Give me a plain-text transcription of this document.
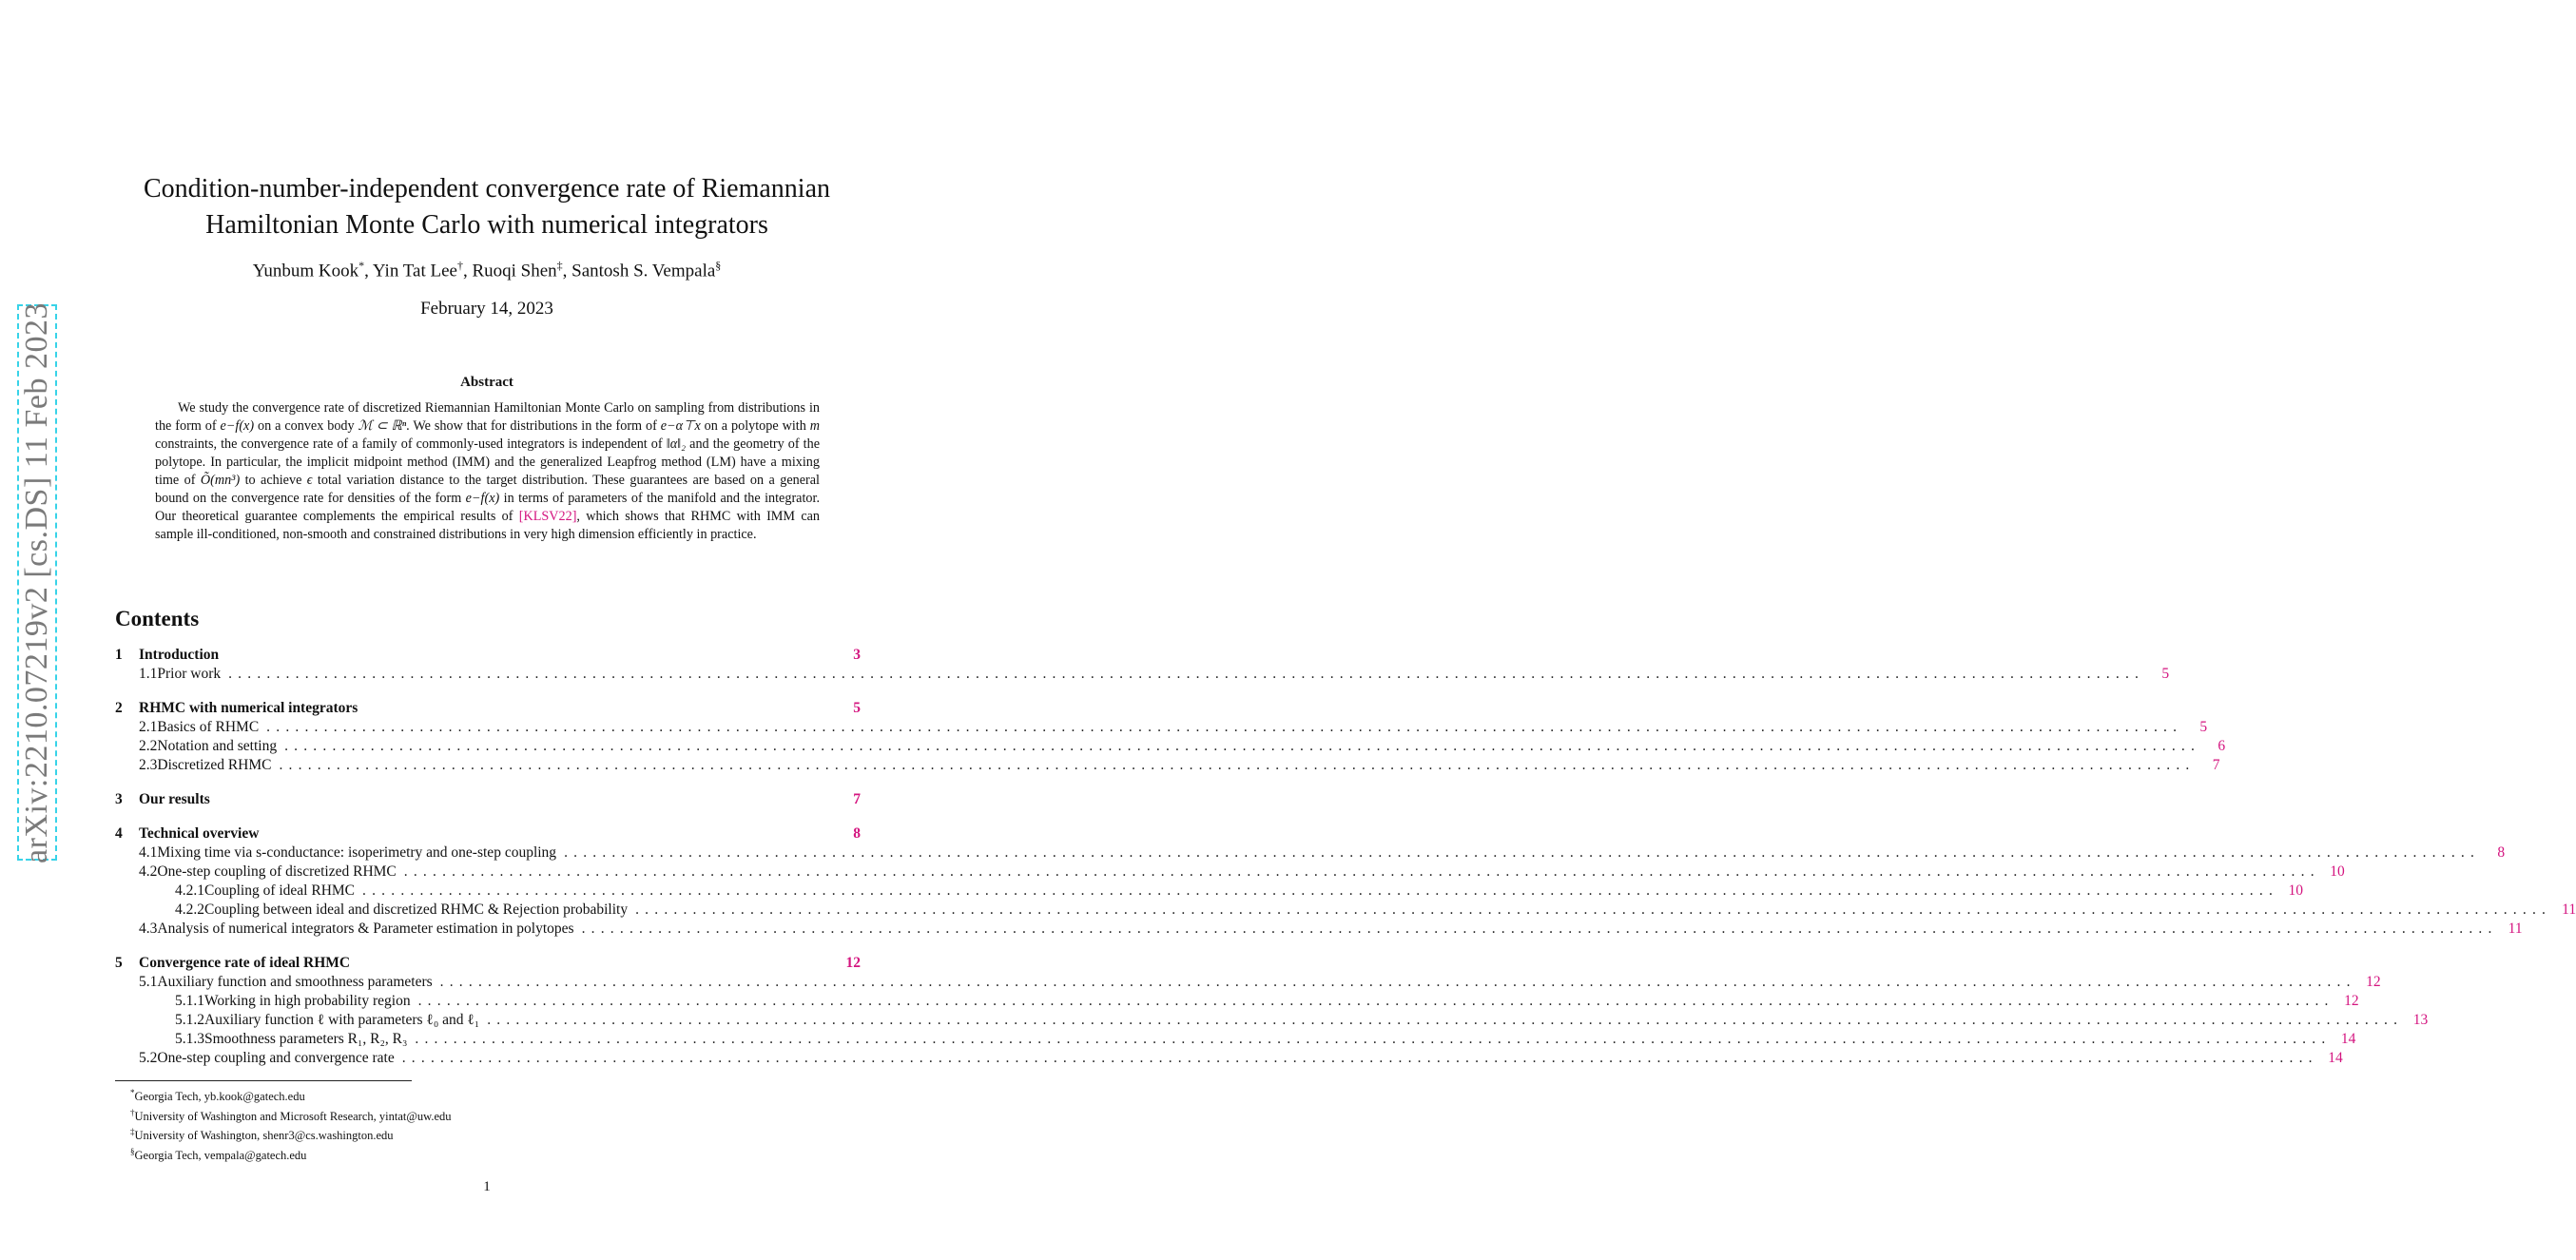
arXiv:2210.07219v2 [cs.DS] 11 Feb 2023
Condition-number-independent convergence rate of Riemannian
Hamiltonian Monte Carlo with numerical integrators
Yunbum Kook*, Yin Tat Lee†, Ruoqi Shen‡, Santosh S. Vempala§
February 14, 2023
Abstract
We study the convergence rate of discretized Riemannian Hamiltonian Monte Carlo on sampling from distributions in the form of e−f(x) on a convex body ℳ ⊂ ℝⁿ. We show that for distributions in the form of e−α⊤x on a polytope with m constraints, the convergence rate of a family of commonly-used integrators is independent of ‖α‖₂ and the geometry of the polytope. In particular, the implicit midpoint method (IMM) and the generalized Leapfrog method (LM) have a mixing time of Õ(mn³) to achieve ϵ total variation distance to the target distribution. These guarantees are based on a general bound on the convergence rate for densities of the form e−f(x) in terms of parameters of the manifold and the integrator. Our theoretical guarantee complements the empirical results of [KLSV22], which shows that RHMC with IMM can sample ill-conditioned, non-smooth and constrained distributions in very high dimension efficiently in practice.
Contents
1	Introduction	3
1.1 Prior work ........................................................................................................................................................................................................	5
2	RHMC with numerical integrators	5
2.1 Basics of RHMC ........................................................................................................................................................................................................	5
2.2 Notation and setting ........................................................................................................................................................................................................	6
2.3 Discretized RHMC ........................................................................................................................................................................................................	7
3	Our results	7
4	Technical overview	8
4.1 Mixing time via s-conductance: isoperimetry and one-step coupling ........................................................................................................................................................................................................	8
4.2 One-step coupling of discretized RHMC ........................................................................................................................................................................................................ 10
4.2.1 Coupling of ideal RHMC ........................................................................................................................................................................................................ 10
4.2.2 Coupling between ideal and discretized RHMC & Rejection probability ........................................................................................................................................................................................................ 11
4.3 Analysis of numerical integrators & Parameter estimation in polytopes ........................................................................................................................................................................................................ 11
5	Convergence rate of ideal RHMC	12
5.1 Auxiliary function and smoothness parameters ........................................................................................................................................................................................................ 12
5.1.1 Working in high probability region ........................................................................................................................................................................................................ 12
5.1.2 Auxiliary function ℓ with parameters ℓ₀ and ℓ₁ ........................................................................................................................................................................................................ 13
5.1.3 Smoothness parameters R₁, R₂, R₃ ........................................................................................................................................................................................................ 14
5.2 One-step coupling and convergence rate ........................................................................................................................................................................................................ 14
*Georgia Tech, yb.kook@gatech.edu
†University of Washington and Microsoft Research, yintat@uw.edu
‡University of Washington, shenr3@cs.washington.edu
§Georgia Tech, vempala@gatech.edu
1
